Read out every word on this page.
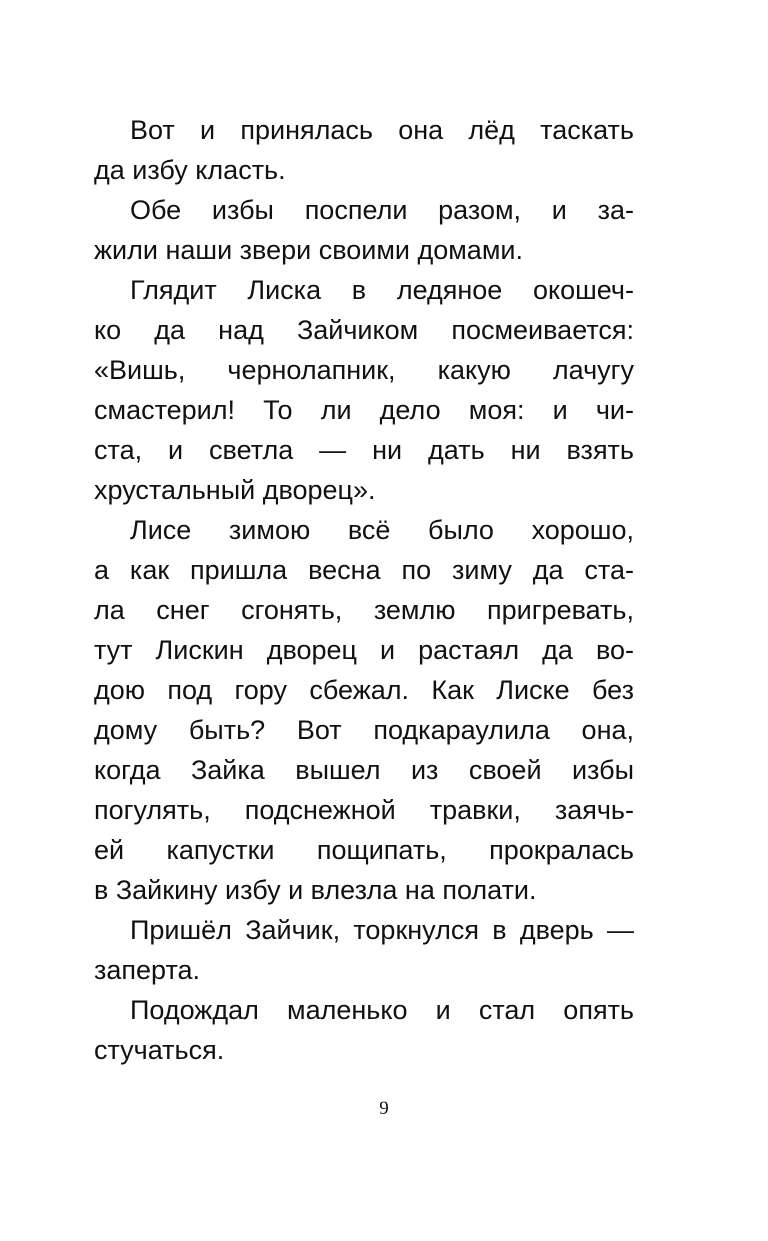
Вот и принялась она лёд таскать
да избу класть.
Обе избы поспели разом, и за-
жили наши звери своими домами.
Глядит Лиска в ледяное окошеч-
ко да над Зайчиком посмеивается:
«Вишь, чернолапник, какую лачугу
смастерил! То ли дело моя: и чи-
ста, и светла — ни дать ни взять
хрустальный дворец».
Лисе зимою всё было хорошо,
а как пришла весна по зиму да ста-
ла снег сгонять, землю пригревать,
тут Лискин дворец и растаял да во-
дою под гору сбежал. Как Лиске без
дому быть? Вот подкараулила она,
когда Зайка вышел из своей избы
погулять, подснежной травки, заячь-
ей капустки пощипать, прокралась
в Зайкину избу и влезла на полати.
Пришёл Зайчик, торкнулся в дверь —
заперта.
Подождал маленько и стал опять
стучаться.
9
